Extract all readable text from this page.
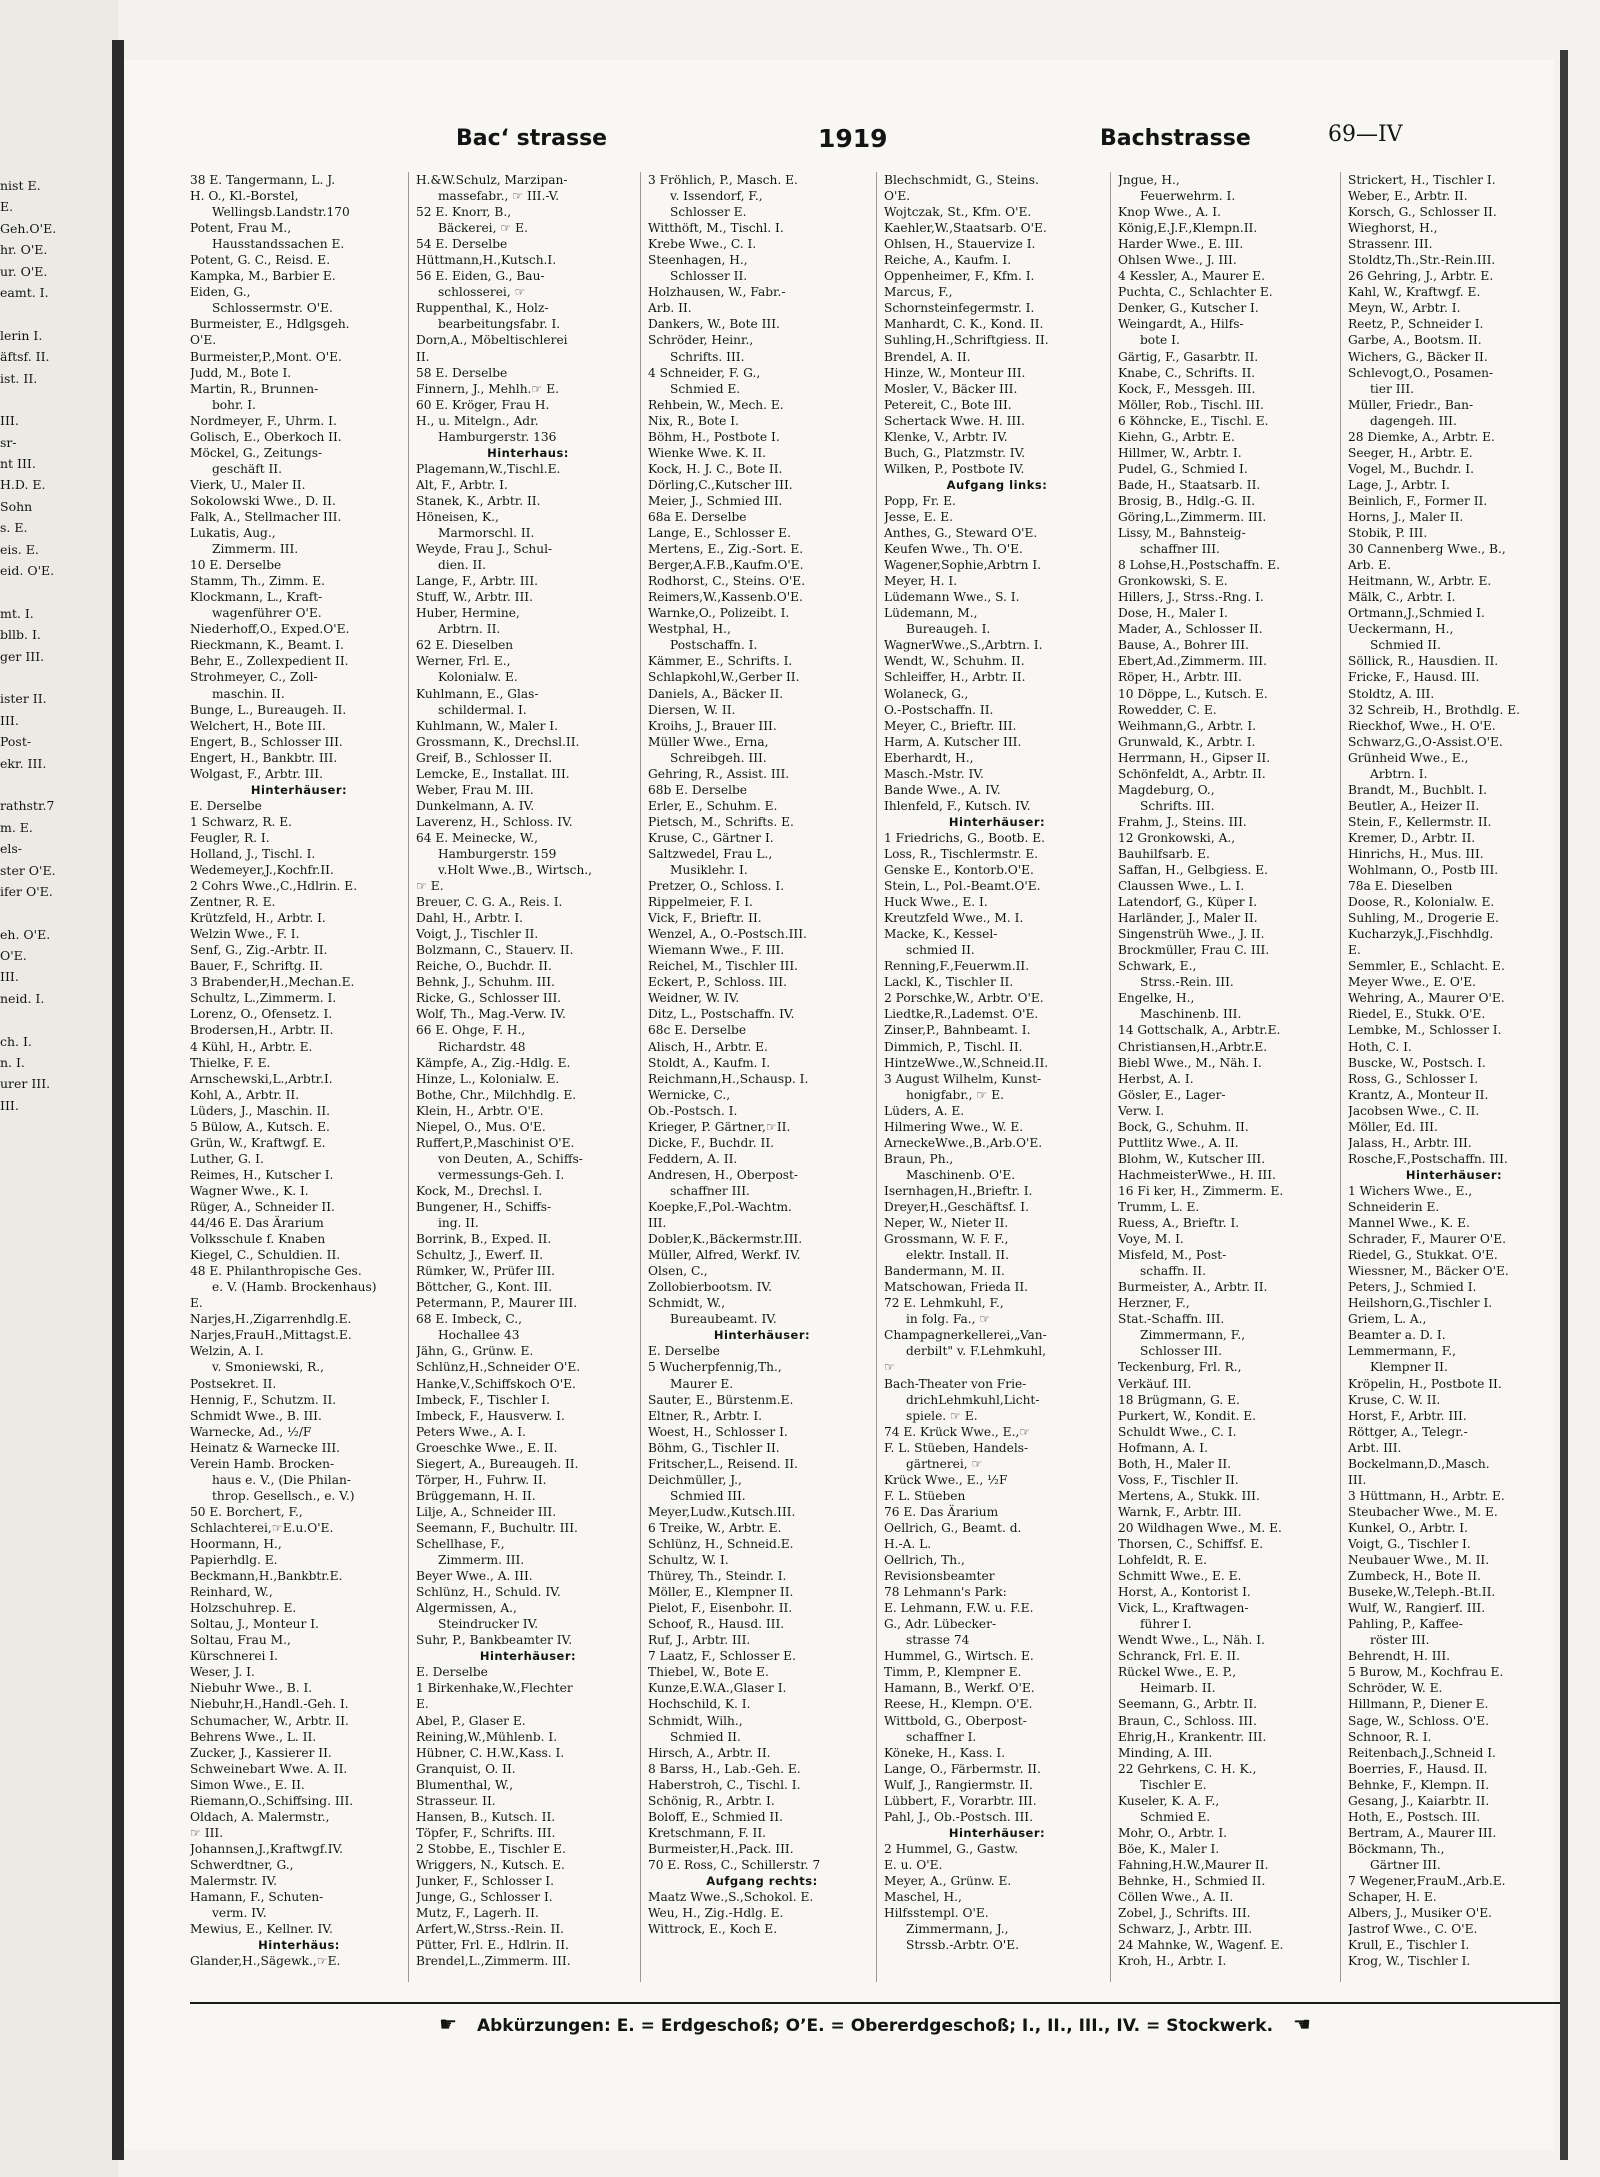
nist E.
E.
Geh.O'E.
hr. O'E.
ur. O'E.
eamt. I.
lerin I.
äftsf. II.
ist. II.
III.
sr-
nt III.
H.D. E.
Sohn
s. E.
eis. E.
eid. O'E.
mt. I.
bllb. I.
ger III.
ister II.
III.
Post-
ekr. III.
rathstr.7
m. E.
els-
ster O'E.
ifer O'E.
eh. O'E.
O'E.
III.
neid. I.
ch. I.
n. I.
urer III.
III.
Bacʻ strasse	1919	Bachstrasse	69—IV
38 E. Tangermann, L. J.
H. O., Kl.-Borstel,
Wellingsb.Landstr.170
Potent, Frau M.,
Hausstandssachen E.
Potent, G. C., Reisd. E.
Kampka, M., Barbier E.
Eiden, G.,
Schlossermstr. O'E.
Burmeister, E., Hdlgsgeh.
O'E.
Burmeister,P.,Mont. O'E.
Judd, M., Bote I.
Martin, R., Brunnen-
bohr. I.
Nordmeyer, F., Uhrm. I.
Golisch, E., Oberkoch II.
Möckel, G., Zeitungs-
geschäft II.
Vierk, U., Maler II.
Sokolowski Wwe., D. II.
Falk, A., Stellmacher III.
Lukatis, Aug.,
Zimmerm. III.
10 E. Derselbe
Stamm, Th., Zimm. E.
Klockmann, L., Kraft-
wagenführer O'E.
Niederhoff,O., Exped.O'E.
Rieckmann, K., Beamt. I.
Behr, E., Zollexpedient II.
Strohmeyer, C., Zoll-
maschin. II.
Bunge, L., Bureaugeh. II.
Welchert, H., Bote III.
Engert, B., Schlosser III.
Engert, H., Bankbtr. III.
Wolgast, F., Arbtr. III.
Hinterhäuser:
E. Derselbe
1 Schwarz, R. E.
Feugler, R. I.
Holland, J., Tischl. I.
Wedemeyer,J.,Kochfr.II.
2 Cohrs Wwe.,C.,Hdlrin. E.
Zentner, R. E.
Krützfeld, H., Arbtr. I.
Welzin Wwe., F. I.
Senf, G., Zig.-Arbtr. II.
Bauer, F., Schriftg. II.
3 Brabender,H.,Mechan.E.
Schultz, L.,Zimmerm. I.
Lorenz, O., Ofensetz. I.
Brodersen,H., Arbtr. II.
4 Kühl, H., Arbtr. E.
Thielke, F. E.
Arnschewski,L.,Arbtr.I.
Kohl, A., Arbtr. II.
Lüders, J., Maschin. II.
5 Bülow, A., Kutsch. E.
Grün, W., Kraftwgf. E.
Luther, G. I.
Reimes, H., Kutscher I.
Wagner Wwe., K. I.
Rüger, A., Schneider II.
44/46 E. Das Ärarium
Volksschule f. Knaben
Kiegel, C., Schuldien. II.
48 E. Philanthropische Ges.
e. V. (Hamb. Brockenhaus)
E.
Narjes,H.,Zigarrenhdlg.E.
Narjes,FrauH.,Mittagst.E.
Welzin, A. I.
v. Smoniewski, R.,
Postsekret. II.
Hennig, F., Schutzm. II.
Schmidt Wwe., B. III.
Warnecke, Ad., ½/F
Heinatz & Warnecke III.
Verein Hamb. Brocken-
haus e. V., (Die Philan-
throp. Gesellsch., e. V.)
50 E. Borchert, F.,
Schlachterei,☞E.u.O'E.
Hoormann, H.,
Papierhdlg. E.
Beckmann,H.,Bankbtr.E.
Reinhard, W.,
Holzschuhrep. E.
Soltau, J., Monteur I.
Soltau, Frau M.,
Kürschnerei I.
Weser, J. I.
Niebuhr Wwe., B. I.
Niebuhr,H.,Handl.-Geh. I.
Schumacher, W., Arbtr. II.
Behrens Wwe., L. II.
Zucker, J., Kassierer II.
Schweinebart Wwe. A. II.
Simon Wwe., E. II.
Riemann,O.,Schiffsing. III.
Oldach, A. Malermstr.,
☞ III.
Johannsen,J.,Kraftwgf.IV.
Schwerdtner, G.,
Malermstr. IV.
Hamann, F., Schuten-
verm. IV.
Mewius, E., Kellner. IV.
Hinterhäus:
Glander,H.,Sägewk.,☞E.
H.&W.Schulz, Marzipan-
massefabr., ☞ III.-V.
52 E. Knorr, B.,
Bäckerei, ☞ E.
54 E. Derselbe
Hüttmann,H.,Kutsch.I.
56 E. Eiden, G., Bau-
schlosserei, ☞
Ruppenthal, K., Holz-
bearbeitungsfabr. I.
Dorn,A., Möbeltischlerei
II.
58 E. Derselbe
Finnern, J., Mehlh.☞ E.
60 E. Kröger, Frau H.
H., u. Mitelgn., Adr.
Hamburgerstr. 136
Hinterhaus:
Plagemann,W.,Tischl.E.
Alt, F., Arbtr. I.
Stanek, K., Arbtr. II.
Höneisen, K.,
Marmorschl. II.
Weyde, Frau J., Schul-
dien. II.
Lange, F., Arbtr. III.
Stuff, W., Arbtr. III.
Huber, Hermine,
Arbtrn. II.
62 E. Dieselben
Werner, Frl. E.,
Kolonialw. E.
Kuhlmann, E., Glas-
schildermal. I.
Kuhlmann, W., Maler I.
Grossmann, K., Drechsl.II.
Greif, B., Schlosser II.
Lemcke, E., Installat. III.
Weber, Frau M. III.
Dunkelmann, A. IV.
Laverenz, H., Schloss. IV.
64 E. Meinecke, W.,
Hamburgerstr. 159
v.Holt Wwe.,B., Wirtsch.,
☞ E.
Breuer, C. G. A., Reis. I.
Dahl, H., Arbtr. I.
Voigt, J., Tischler II.
Bolzmann, C., Stauerv. II.
Reiche, O., Buchdr. II.
Behnk, J., Schuhm. III.
Ricke, G., Schlosser III.
Wolf, Th., Mag.-Verw. IV.
66 E. Ohge, F. H.,
Richardstr. 48
Kämpfe, A., Zig.-Hdlg. E.
Hinze, L., Kolonialw. E.
Bothe, Chr., Milchhdlg. E.
Klein, H., Arbtr. O'E.
Niepel, O., Mus. O'E.
Ruffert,P.,Maschinist O'E.
von Deuten, A., Schiffs-
vermessungs-Geh. I.
Kock, M., Drechsl. I.
Bungener, H., Schiffs-
ing. II.
Borrink, B., Exped. II.
Schultz, J., Ewerf. II.
Rümker, W., Prüfer III.
Böttcher, G., Kont. III.
Petermann, P., Maurer III.
68 E. Imbeck, C.,
Hochallee 43
Jähn, G., Grünw. E.
Schlünz,H.,Schneider O'E.
Hanke,V.,Schiffskoch O'E.
Imbeck, F., Tischler I.
Imbeck, F., Hausverw. I.
Peters Wwe., A. I.
Groeschke Wwe., E. II.
Siegert, A., Bureaugeh. II.
Törper, H., Fuhrw. II.
Brüggemann, H. II.
Lilje, A., Schneider III.
Seemann, F., Buchultr. III.
Schellhase, F.,
Zimmerm. III.
Beyer Wwe., A. III.
Schlünz, H., Schuld. IV.
Algermissen, A.,
Steindrucker IV.
Suhr, P., Bankbeamter IV.
Hinterhäuser:
E. Derselbe
1 Birkenhake,W.,Flechter
E.
Abel, P., Glaser E.
Reining,W.,Mühlenb. I.
Hübner, C. H.W.,Kass. I.
Granquist, O. II.
Blumenthal, W.,
Strasseur. II.
Hansen, B., Kutsch. II.
Töpfer, F., Schrifts. III.
2 Stobbe, E., Tischler E.
Wriggers, N., Kutsch. E.
Junker, F., Schlosser I.
Junge, G., Schlosser I.
Mutz, F., Lagerh. II.
Arfert,W.,Strss.-Rein. II.
Pütter, Frl. E., Hdlrin. II.
Brendel,L.,Zimmerm. III.
3 Fröhlich, P., Masch. E.
v. Issendorf, F.,
Schlosser E.
Witthöft, M., Tischl. I.
Krebe Wwe., C. I.
Steenhagen, H.,
Schlosser II.
Holzhausen, W., Fabr.-
Arb. II.
Dankers, W., Bote III.
Schröder, Heinr.,
Schrifts. III.
4 Schneider, F. G.,
Schmied E.
Rehbein, W., Mech. E.
Nix, R., Bote I.
Böhm, H., Postbote I.
Wienke Wwe. K. II.
Kock, H. J. C., Bote II.
Dörling,C.,Kutscher III.
Meier, J., Schmied III.
68a E. Derselbe
Lange, E., Schlosser E.
Mertens, E., Zig.-Sort. E.
Berger,A.F.B.,Kaufm.O'E.
Rodhorst, C., Steins. O'E.
Reimers,W.,Kassenb.O'E.
Warnke,O., Polizeibt. I.
Westphal, H.,
Postschaffn. I.
Kämmer, E., Schrifts. I.
Schlapkohl,W.,Gerber II.
Daniels, A., Bäcker II.
Diersen, W. II.
Kroihs, J., Brauer III.
Müller Wwe., Erna,
Schreibgeh. III.
Gehring, R., Assist. III.
68b E. Derselbe
Erler, E., Schuhm. E.
Pietsch, M., Schrifts. E.
Kruse, C., Gärtner I.
Saltzwedel, Frau L.,
Musiklehr. I.
Pretzer, O., Schloss. I.
Rippelmeier, F. I.
Vick, F., Brieftr. II.
Wenzel, A., O.-Postsch.III.
Wiemann Wwe., F. III.
Reichel, M., Tischler III.
Eckert, P., Schloss. III.
Weidner, W. IV.
Ditz, L., Postschaffn. IV.
68c E. Derselbe
Alisch, H., Arbtr. E.
Stoldt, A., Kaufm. I.
Reichmann,H.,Schausp. I.
Wernicke, C.,
Ob.-Postsch. I.
Krieger, P. Gärtner,☞II.
Dicke, F., Buchdr. II.
Feddern, A. II.
Andresen, H., Oberpost-
schaffner III.
Koepke,F.,Pol.-Wachtm.
III.
Dobler,K.,Bäckermstr.III.
Müller, Alfred, Werkf. IV.
Olsen, C.,
Zollobierbootsm. IV.
Schmidt, W.,
Bureaubeamt. IV.
Hinterhäuser:
E. Derselbe
5 Wucherpfennig,Th.,
Maurer E.
Sauter, E., Bürstenm.E.
Eltner, R., Arbtr. I.
Woest, H., Schlosser I.
Böhm, G., Tischler II.
Fritscher,L., Reisend. II.
Deichmüller, J.,
Schmied III.
Meyer,Ludw.,Kutsch.III.
6 Treike, W., Arbtr. E.
Schlünz, H., Schneid.E.
Schultz, W. I.
Thürey, Th., Steindr. I.
Möller, E., Klempner II.
Pielot, F., Eisenbohr. II.
Schoof, R., Hausd. III.
Ruf, J., Arbtr. III.
7 Laatz, F., Schlosser E.
Thiebel, W., Bote E.
Kunze,E.W.A.,Glaser I.
Hochschild, K. I.
Schmidt, Wilh.,
Schmied II.
Hirsch, A., Arbtr. II.
8 Barss, H., Lab.-Geh. E.
Haberstroh, C., Tischl. I.
Schönig, R., Arbtr. I.
Boloff, E., Schmied II.
Kretschmann, F. II.
Burmeister,H.,Pack. III.
70 E. Ross, C., Schillerstr. 7
Aufgang rechts:
Maatz Wwe.,S.,Schokol. E.
Weu, H., Zig.-Hdlg. E.
Wittrock, E., Koch E.
Blechschmidt, G., Steins.
O'E.
Wojtczak, St., Kfm. O'E.
Kaehler,W.,Staatsarb. O'E.
Ohlsen, H., Stauervize I.
Reiche, A., Kaufm. I.
Oppenheimer, F., Kfm. I.
Marcus, F.,
Schornsteinfegermstr. I.
Manhardt, C. K., Kond. II.
Suhling,H.,Schriftgiess. II.
Brendel, A. II.
Hinze, W., Monteur III.
Mosler, V., Bäcker III.
Petereit, C., Bote III.
Schertack Wwe. H. III.
Klenke, V., Arbtr. IV.
Buch, G., Platzmstr. IV.
Wilken, P., Postbote IV.
Aufgang links:
Popp, Fr. E.
Jesse, E. E.
Anthes, G., Steward O'E.
Keufen Wwe., Th. O'E.
Wagener,Sophie,Arbtrn I.
Meyer, H. I.
Lüdemann Wwe., S. I.
Lüdemann, M.,
Bureaugeh. I.
WagnerWwe.,S.,Arbtrn. I.
Wendt, W., Schuhm. II.
Schleiffer, H., Arbtr. II.
Wolaneck, G.,
O.-Postschaffn. II.
Meyer, C., Brieftr. III.
Harm, A. Kutscher III.
Eberhardt, H.,
Masch.-Mstr. IV.
Bande Wwe., A. IV.
Ihlenfeld, F., Kutsch. IV.
Hinterhäuser:
1 Friedrichs, G., Bootb. E.
Loss, R., Tischlermstr. E.
Genske E., Kontorb.O'E.
Stein, L., Pol.-Beamt.O'E.
Huck Wwe., E. I.
Kreutzfeld Wwe., M. I.
Macke, K., Kessel-
schmied II.
Renning,F.,Feuerwm.II.
Lackl, K., Tischler II.
2 Porschke,W., Arbtr. O'E.
Liedtke,R.,Lademst. O'E.
Zinser,P., Bahnbeamt. I.
Dimmich, P., Tischl. II.
HintzeWwe.,W.,Schneid.II.
3 August Wilhelm, Kunst-
honigfabr., ☞ E.
Lüders, A. E.
Hilmering Wwe., W. E.
ArneckeWwe.,B.,Arb.O'E.
Braun, Ph.,
Maschinenb. O'E.
Isernhagen,H.,Brieftr. I.
Dreyer,H.,Geschäftsf. I.
Neper, W., Nieter II.
Grossmann, W. F. F.,
elektr. Install. II.
Bandermann, M. II.
Matschowan, Frieda II.
72 E. Lehmkuhl, F.,
in folg. Fa., ☞
Champagnerkellerei,„Van-
derbilt" v. F.Lehmkuhl,
☞
Bach-Theater von Frie-
drichLehmkuhl,Licht-
spiele. ☞ E.
74 E. Krück Wwe., E.,☞
F. L. Stüeben, Handels-
gärtnerei, ☞
Krück Wwe., E., ½F
F. L. Stüeben
76 E. Das Ärarium
Oellrich, G., Beamt. d.
H.-A. L.
Oellrich, Th.,
Revisionsbeamter
78 Lehmann's Park:
E. Lehmann, F.W. u. F.E.
G., Adr. Lübecker-
strasse 74
Hummel, G., Wirtsch. E.
Timm, P., Klempner E.
Hamann, B., Werkf. O'E.
Reese, H., Klempn. O'E.
Wittbold, G., Oberpost-
schaffner I.
Köneke, H., Kass. I.
Lange, O., Färbermstr. II.
Wulf, J., Rangiermstr. II.
Lübbert, F., Vorarbtr. III.
Pahl, J., Ob.-Postsch. III.
Hinterhäuser:
2 Hummel, G., Gastw.
E. u. O'E.
Meyer, A., Grünw. E.
Maschel, H.,
Hilfsstempl. O'E.
Zimmermann, J.,
Strssb.-Arbtr. O'E.
Jngue, H.,
Feuerwehrm. I.
Knop Wwe., A. I.
König,E.J.F.,Klempn.II.
Harder Wwe., E. III.
Ohlsen Wwe., J. III.
4 Kessler, A., Maurer E.
Puchta, C., Schlachter E.
Denker, G., Kutscher I.
Weingardt, A., Hilfs-
bote I.
Gärtig, F., Gasarbtr. II.
Knabe, C., Schrifts. II.
Kock, F., Messgeh. III.
Möller, Rob., Tischl. III.
6 Köhncke, E., Tischl. E.
Kiehn, G., Arbtr. E.
Hillmer, W., Arbtr. I.
Pudel, G., Schmied I.
Bade, H., Staatsarb. II.
Brosig, B., Hdlg.-G. II.
Göring,L.,Zimmerm. III.
Lissy, M., Bahnsteig-
schaffner III.
8 Lohse,H.,Postschaffn. E.
Gronkowski, S. E.
Hillers, J., Strss.-Rng. I.
Dose, H., Maler I.
Mader, A., Schlosser II.
Bause, A., Bohrer III.
Ebert,Ad.,Zimmerm. III.
Röper, H., Arbtr. III.
10 Döppe, L., Kutsch. E.
Rowedder, C. E.
Weihmann,G., Arbtr. I.
Grunwald, K., Arbtr. I.
Herrmann, H., Gipser II.
Schönfeldt, A., Arbtr. II.
Magdeburg, O.,
Schrifts. III.
Frahm, J., Steins. III.
12 Gronkowski, A.,
Bauhilfsarb. E.
Saffan, H., Gelbgiess. E.
Claussen Wwe., L. I.
Latendorf, G., Küper I.
Harländer, J., Maler II.
Singenstrüh Wwe., J. II.
Brockmüller, Frau C. III.
Schwark, E.,
Strss.-Rein. III.
Engelke, H.,
Maschinenb. III.
14 Gottschalk, A., Arbtr.E.
Christiansen,H.,Arbtr.E.
Biebl Wwe., M., Näh. I.
Herbst, A. I.
Gösler, E., Lager-
Verw. I.
Bock, G., Schuhm. II.
Puttlitz Wwe., A. II.
Blohm, W., Kutscher III.
HachmeisterWwe., H. III.
16 Fi ker, H., Zimmerm. E.
Trumm, L. E.
Ruess, A., Brieftr. I.
Voye, M. I.
Misfeld, M., Post-
schaffn. II.
Burmeister, A., Arbtr. II.
Herzner, F.,
Stat.-Schaffn. III.
Zimmermann, F.,
Schlosser III.
Teckenburg, Frl. R.,
Verkäuf. III.
18 Brügmann, G. E.
Purkert, W., Kondit. E.
Schuldt Wwe., C. I.
Hofmann, A. I.
Both, H., Maler II.
Voss, F., Tischler II.
Mertens, A., Stukk. III.
Warnk, F., Arbtr. III.
20 Wildhagen Wwe., M. E.
Thorsen, C., Schiffsf. E.
Lohfeldt, R. E.
Schmitt Wwe., E. E.
Horst, A., Kontorist I.
Vick, L., Kraftwagen-
führer I.
Wendt Wwe., L., Näh. I.
Schranck, Frl. E. II.
Rückel Wwe., E. P.,
Heimarb. II.
Seemann, G., Arbtr. II.
Braun, C., Schloss. III.
Ehrig,H., Krankentr. III.
Minding, A. III.
22 Gehrkens, C. H. K.,
Tischler E.
Kuseler, K. A. F.,
Schmied E.
Mohr, O., Arbtr. I.
Böe, K., Maler I.
Fahning,H.W.,Maurer II.
Behnke, H., Schmied II.
Cöllen Wwe., A. II.
Zobel, J., Schrifts. III.
Schwarz, J., Arbtr. III.
24 Mahnke, W., Wagenf. E.
Kroh, H., Arbtr. I.
Strickert, H., Tischler I.
Weber, E., Arbtr. II.
Korsch, G., Schlosser II.
Wieghorst, H.,
Strassenr. III.
Stoldtz,Th.,Str.-Rein.III.
26 Gehring, J., Arbtr. E.
Kahl, W., Kraftwgf. E.
Meyn, W., Arbtr. I.
Reetz, P., Schneider I.
Garbe, A., Bootsm. II.
Wichers, G., Bäcker II.
Schlevogt,O., Posamen-
tier III.
Müller, Friedr., Ban-
dagengeh. III.
28 Diemke, A., Arbtr. E.
Seeger, H., Arbtr. E.
Vogel, M., Buchdr. I.
Lage, J., Arbtr. I.
Beinlich, F., Former II.
Horns, J., Maler II.
Stobik, P. III.
30 Cannenberg Wwe., B.,
Arb. E.
Heitmann, W., Arbtr. E.
Mälk, C., Arbtr. I.
Ortmann,J.,Schmied I.
Ueckermann, H.,
Schmied II.
Söllick, R., Hausdien. II.
Fricke, F., Hausd. III.
Stoldtz, A. III.
32 Schreib, H., Brothdlg. E.
Rieckhof, Wwe., H. O'E.
Schwarz,G.,O-Assist.O'E.
Grünheid Wwe., E.,
Arbtrn. I.
Brandt, M., Buchblt. I.
Beutler, A., Heizer II.
Stein, F., Kellermstr. II.
Kremer, D., Arbtr. II.
Hinrichs, H., Mus. III.
Wohlmann, O., Postb III.
78a E. Dieselben
Doose, R., Kolonialw. E.
Suhling, M., Drogerie E.
Kucharzyk,J.,Fischhdlg.
E.
Semmler, E., Schlacht. E.
Meyer Wwe., E. O'E.
Wehring, A., Maurer O'E.
Riedel, E., Stukk. O'E.
Lembke, M., Schlosser I.
Hoth, C. I.
Buscke, W., Postsch. I.
Ross, G., Schlosser I.
Krantz, A., Monteur II.
Jacobsen Wwe., C. II.
Möller, Ed. III.
Jalass, H., Arbtr. III.
Rosche,F.,Postschaffn. III.
Hinterhäuser:
1 Wichers Wwe., E.,
Schneiderin E.
Mannel Wwe., K. E.
Schrader, F., Maurer O'E.
Riedel, G., Stukkat. O'E.
Wiessner, M., Bäcker O'E.
Peters, J., Schmied I.
Heilshorn,G.,Tischler I.
Griem, L. A.,
Beamter a. D. I.
Lemmermann, F.,
Klempner II.
Kröpelin, H., Postbote II.
Kruse, C. W. II.
Horst, F., Arbtr. III.
Röttger, A., Telegr.-
Arbt. III.
Bockelmann,D.,Masch.
III.
3 Hüttmann, H., Arbtr. E.
Steubacher Wwe., M. E.
Kunkel, O., Arbtr. I.
Voigt, G., Tischler I.
Neubauer Wwe., M. II.
Zumbeck, H., Bote II.
Buseke,W.,Teleph.-Bt.II.
Wulf, W., Rangierf. III.
Pahling, P., Kaffee-
röster III.
Behrendt, H. III.
5 Burow, M., Kochfrau E.
Schröder, W. E.
Hillmann, P., Diener E.
Sage, W., Schloss. O'E.
Schnoor, R. I.
Reitenbach,J.,Schneid I.
Boerries, F., Hausd. II.
Behnke, F., Klempn. II.
Gesang, J., Kaiarbtr. II.
Hoth, E., Postsch. III.
Bertram, A., Maurer III.
Böckmann, Th.,
Gärtner III.
7 Wegener,FrauM.,Arb.E.
Schaper, H. E.
Albers, J., Musiker O'E.
Jastrof Wwe., C. O'E.
Krull, E., Tischler I.
Krog, W., Tischler I.
☛ Abkürzungen: E. = Erdgeschoß; O’E. = Obererdgeschoß; I., II., III., IV. = Stockwerk. ☚
